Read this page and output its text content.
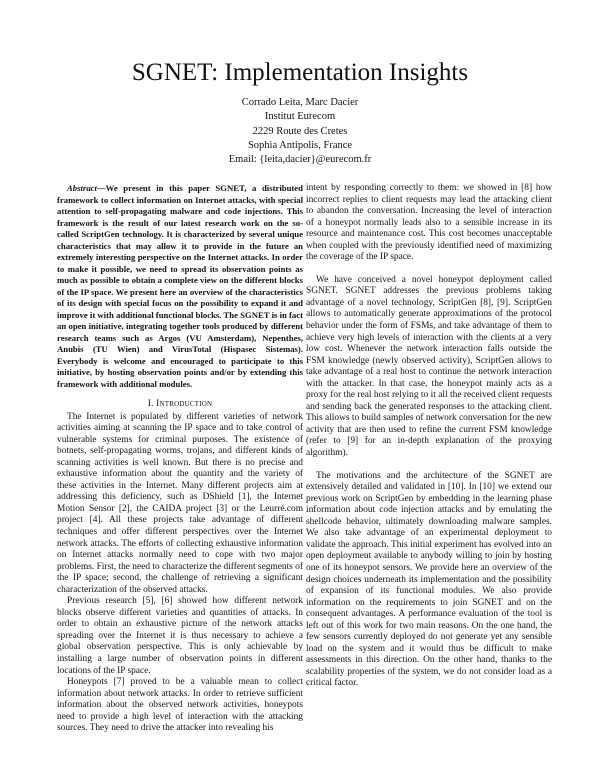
SGNET: Implementation Insights
Corrado Leita, Marc Dacier
Institut Eurecom
2229 Route des Cretes
Sophia Antipolis, France
Email: {leita,dacier}@eurecom.fr

Abstract—We present in this paper SGNET, a distributed framework to collect information on Internet attacks, with special attention to self-propagating malware and code injections. This framework is the result of our latest research work on the so-called ScriptGen technology. It is characterized by several unique characteristics that may allow it to provide in the future an extremely interesting perspective on the Internet attacks. In order to make it possible, we need to spread its observation points as much as possible to obtain a complete view on the different blocks of the IP space. We present here an overview of the characteristics of its design with special focus on the possibility to expand it and improve it with additional functional blocks. The SGNET is in fact an open initiative, integrating together tools produced by different research teams such as Argos (VU Amsterdam), Nepenthes, Anubis (TU Wien) and VirusTotal (Hispasec Sistemas). Everybody is welcome and encouraged to participate to this initiative, by hosting observation points and/or by extending this framework with additional modules.

I. Introduction

The Internet is populated by different varieties of network activities aiming at scanning the IP space and to take control of vulnerable systems for criminal purposes. The existence of botnets, self-propagating worms, trojans, and different kinds of scanning activities is well known. But there is no precise and exhaustive information about the quantity and the variety of these activities in the Internet. Many different projects aim at addressing this deficiency, such as DShield [1], the Internet Motion Sensor [2], the CAIDA project [3] or the Leurré.com project [4]. All these projects take advantage of different techniques and offer different perspectives over the Internet network attacks. The efforts of collecting exhaustive information on Internet attacks normally need to cope with two major problems. First, the need to characterize the different segments of the IP space; second, the challenge of retrieving a significant characterization of the observed attacks.

Previous research [5], [6] showed how different network blocks observe different varieties and quantities of attacks. In order to obtain an exhaustive picture of the network attacks spreading over the Internet it is thus necessary to achieve a global observation perspective. This is only achievable by installing a large number of observation points in different locations of the IP space.

Honeypots [7] proved to be a valuable mean to collect information about network attacks. In order to retrieve sufficient information about the observed network activities, honeypots need to provide a high level of interaction with the attacking sources. They need to drive the attacker into revealing his

intent by responding correctly to them: we showed in [8] how incorrect replies to client requests may lead the attacking client to abandon the conversation. Increasing the level of interaction of a honeypot normally leads also to a sensible increase in its resource and maintenance cost. This cost becomes unacceptable when coupled with the previously identified need of maximizing the coverage of the IP space.

We have conceived a novel honeypot deployment called SGNET. SGNET addresses the previous problems taking advantage of a novel technology, ScriptGen [8], [9]. ScriptGen allows to automatically generate approximations of the protocol behavior under the form of FSMs, and take advantage of them to achieve very high levels of interaction with the clients at a very low cost. Whenever the network interaction falls outside the FSM knowledge (newly observed activity), ScriptGen allows to take advantage of a real host to continue the network interaction with the attacker. In that case, the honeypot mainly acts as a proxy for the real host relying to it all the received client requests and sending back the generated responses to the attacking client. This allows to build samples of network conversation for the new activity that are then used to refine the current FSM knowledge (refer to [9] for an in-depth explanation of the proxying algorithm).

The motivations and the architecture of the SGNET are extensively detailed and validated in [10]. In [10] we extend our previous work on ScriptGen by embedding in the learning phase information about code injection attacks and by emulating the shellcode behavior, ultimately downloading malware samples. We also take advantage of an experimental deployment to validate the approach. This initial experiment has evolved into an open deployment available to anybody willing to join by hosting one of its honeypot sensors. We provide here an overview of the design choices underneath its implementation and the possibility of expansion of its functional modules. We also provide information on the requirements to join SGNET and on the consequent advantages. A performance evaluation of the tool is left out of this work for two main reasons. On the one hand, the few sensors currently deployed do not generate yet any sensible load on the system and it would thus be difficult to make assessments in this direction. On the other hand, thanks to the scalability properties of the system, we do not consider load as a critical factor.
